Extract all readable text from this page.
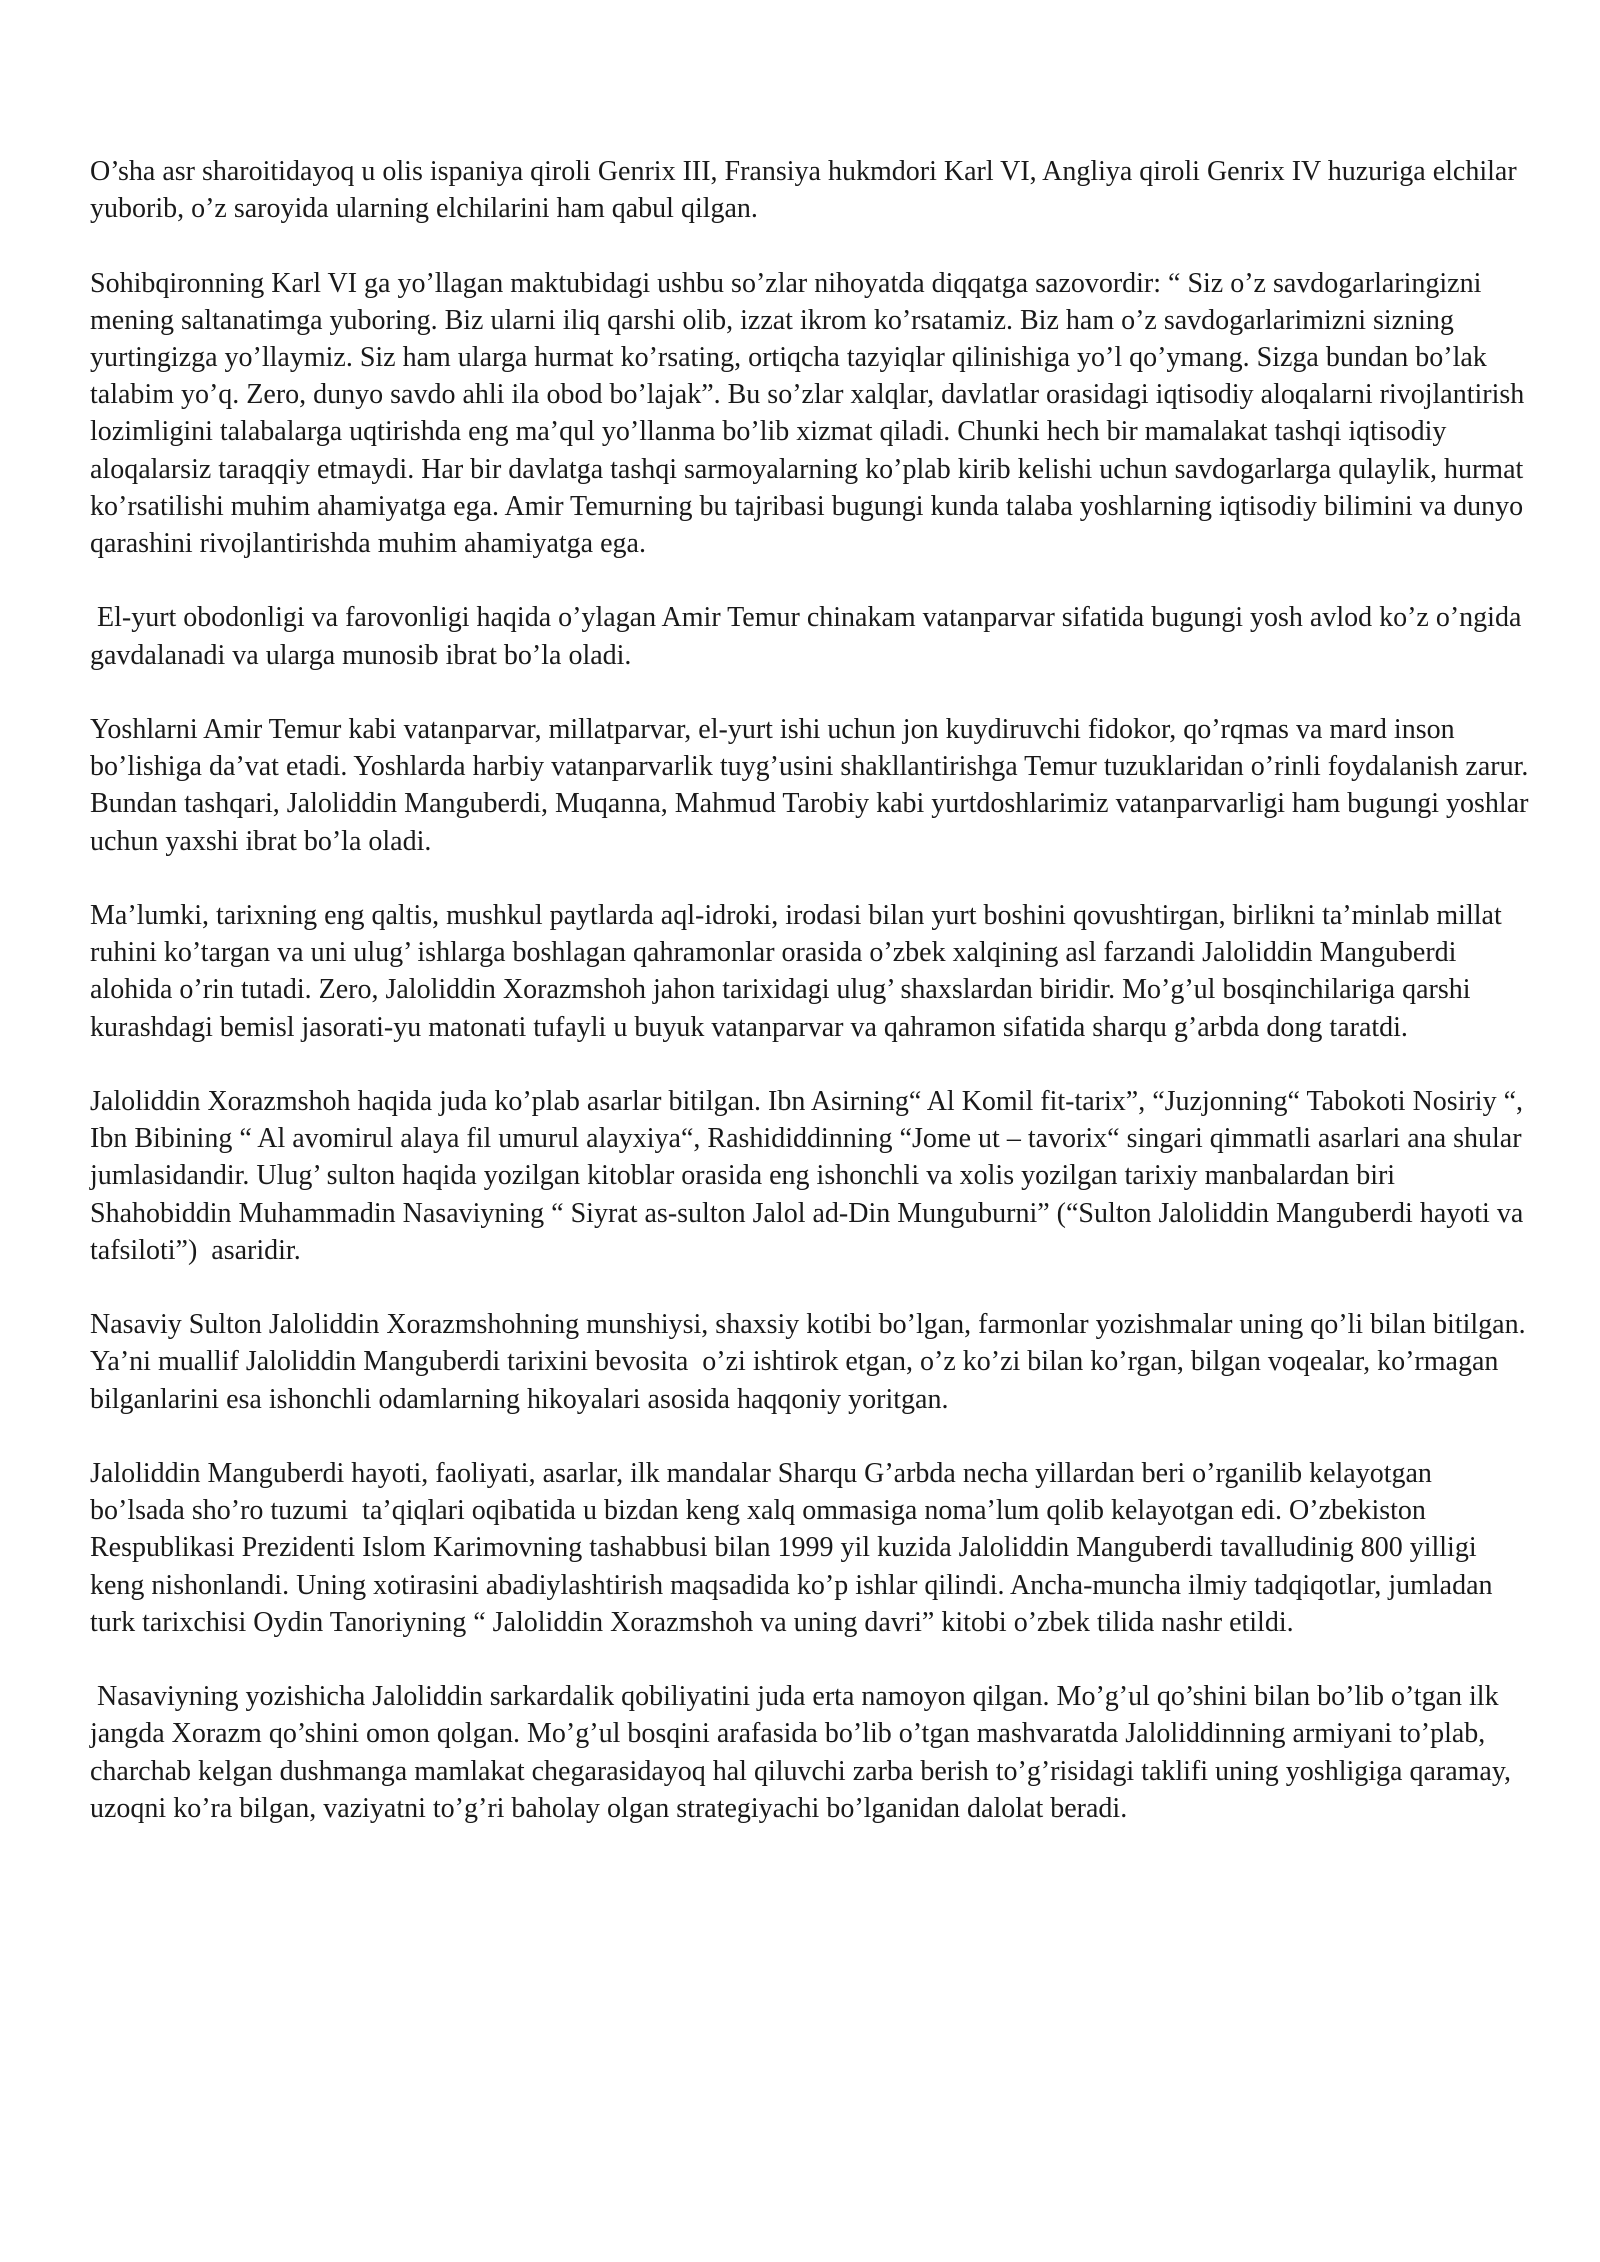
O’sha asr sharoitidayoq u olis ispaniya qiroli Genrix III, Fransiya hukmdori Karl VI, Angliya qiroli Genrix IV huzuriga elchilar yuborib, o’z saroyida ularning elchilarini ham qabul qilgan.

Sohibqironning Karl VI ga yo’llagan maktubidagi ushbu so’zlar nihoyatda diqqatga sazovordir: “ Siz o’z savdogarlaringizni mening saltanatimga yuboring. Biz ularni iliq qarshi olib, izzat ikrom ko’rsatamiz. Biz ham o’z savdogarlarimizni sizning yurtingizga yo’llaymiz. Siz ham ularga hurmat ko’rsating, ortiqcha tazyiqlar qilinishiga yo’l qo’ymang. Sizga bundan bo’lak talabim yo’q. Zero, dunyo savdo ahli ila obod bo’lajak”. Bu so’zlar xalqlar, davlatlar orasidagi iqtisodiy aloqalarni rivojlantirish lozimligini talabalarga uqtirishda eng ma’qul yo’llanma bo’lib xizmat qiladi. Chunki hech bir mamalakat tashqi iqtisodiy aloqalarsiz taraqqiy etmaydi. Har bir davlatga tashqi sarmoyalarning ko’plab kirib kelishi uchun savdogarlarga qulaylik, hurmat ko’rsatilishi muhim ahamiyatga ega. Amir Temurning bu tajribasi bugungi kunda talaba yoshlarning iqtisodiy bilimini va dunyo qarashini rivojlantirishda muhim ahamiyatga ega.

El-yurt obodonligi va farovonligi haqida o’ylagan Amir Temur chinakam vatanparvar sifatida bugungi yosh avlod ko’z o’ngida gavdalanadi va ularga munosib ibrat bo’la oladi.

Yoshlarni Amir Temur kabi vatanparvar, millatparvar, el-yurt ishi uchun jon kuydiruvchi fidokor, qo’rqmas va mard inson bo’lishiga da’vat etadi. Yoshlarda harbiy vatanparvarlik tuyg’usini shakllantirishga Temur tuzuklaridan o’rinli foydalanish zarur. Bundan tashqari, Jaloliddin Manguberdi, Muqanna, Mahmud Tarobiy kabi yurtdoshlarimiz vatanparvarligi ham bugungi yoshlar uchun yaxshi ibrat bo’la oladi.

Ma’lumki, tarixning eng qaltis, mushkul paytlarda aql-idroki, irodasi bilan yurt boshini qovushtirgan, birlikni ta’minlab millat ruhini ko’targan va uni ulug’ ishlarga boshlagan qahramonlar orasida o’zbek xalqining asl farzandi Jaloliddin Manguberdi alohida o’rin tutadi. Zero, Jaloliddin Xorazmshoh jahon tarixidagi ulug’ shaxslardan biridir. Mo’g’ul bosqinchilariga qarshi kurashdagi bemisl jasorati-yu matonati tufayli u buyuk vatanparvar va qahramon sifatida sharqu g’arbda dong taratdi.

Jaloliddin Xorazmshoh haqida juda ko’plab asarlar bitilgan. Ibn Asirning“ Al Komil fit-tarix”, “Juzjonning“ Tabokoti Nosiriy “, Ibn Bibining “ Al avomirul alaya fil umurul alayxiya“, Rashididdinning “Jome ut – tavorix“ singari qimmatli asarlari ana shular jumlasidandir. Ulug’ sulton haqida yozilgan kitoblar orasida eng ishonchli va xolis yozilgan tarixiy manbalardan biri Shahobiddin Muhammadin Nasaviyning “ Siyrat as-sulton Jalol ad-Din Munguburni” (“Sulton Jaloliddin Manguberdi hayoti va tafsiloti”)  asaridir.

Nasaviy Sulton Jaloliddin Xorazmshohning munshiysi, shaxsiy kotibi bo’lgan, farmonlar yozishmalar uning qo’li bilan bitilgan. Ya’ni muallif Jaloliddin Manguberdi tarixini bevosita  o’zi ishtirok etgan, o’z ko’zi bilan ko’rgan, bilgan voqealar, ko’rmagan bilganlarini esa ishonchli odamlarning hikoyalari asosida haqqoniy yoritgan.

Jaloliddin Manguberdi hayoti, faoliyati, asarlar, ilk mandalar Sharqu G’arbda necha yillardan beri o’rganilib kelayotgan bo’lsada sho’ro tuzumi  ta’qiqlari oqibatida u bizdan keng xalq ommasiga noma’lum qolib kelayotgan edi. O’zbekiston Respublikasi Prezidenti Islom Karimovning tashabbusi bilan 1999 yil kuzida Jaloliddin Manguberdi tavalludinig 800 yilligi keng nishonlandi. Uning xotirasini abadiylashtirish maqsadida ko’p ishlar qilindi. Ancha-muncha ilmiy tadqiqotlar, jumladan turk tarixchisi Oydin Tanoriyning “ Jaloliddin Xorazmshoh va uning davri” kitobi o’zbek tilida nashr etildi.

Nasaviyning yozishicha Jaloliddin sarkardalik qobiliyatini juda erta namoyon qilgan. Mo’g’ul qo’shini bilan bo’lib o’tgan ilk jangda Xorazm qo’shini omon qolgan. Mo’g’ul bosqini arafasida bo’lib o’tgan mashvaratda Jaloliddinning armiyani to’plab, charchab kelgan dushmanga mamlakat chegarasidayoq hal qiluvchi zarba berish to’g’risidagi taklifi uning yoshligiga qaramay, uzoqni ko’ra bilgan, vaziyatni to’g’ri baholay olgan strategiyachi bo’lganidan dalolat beradi.
